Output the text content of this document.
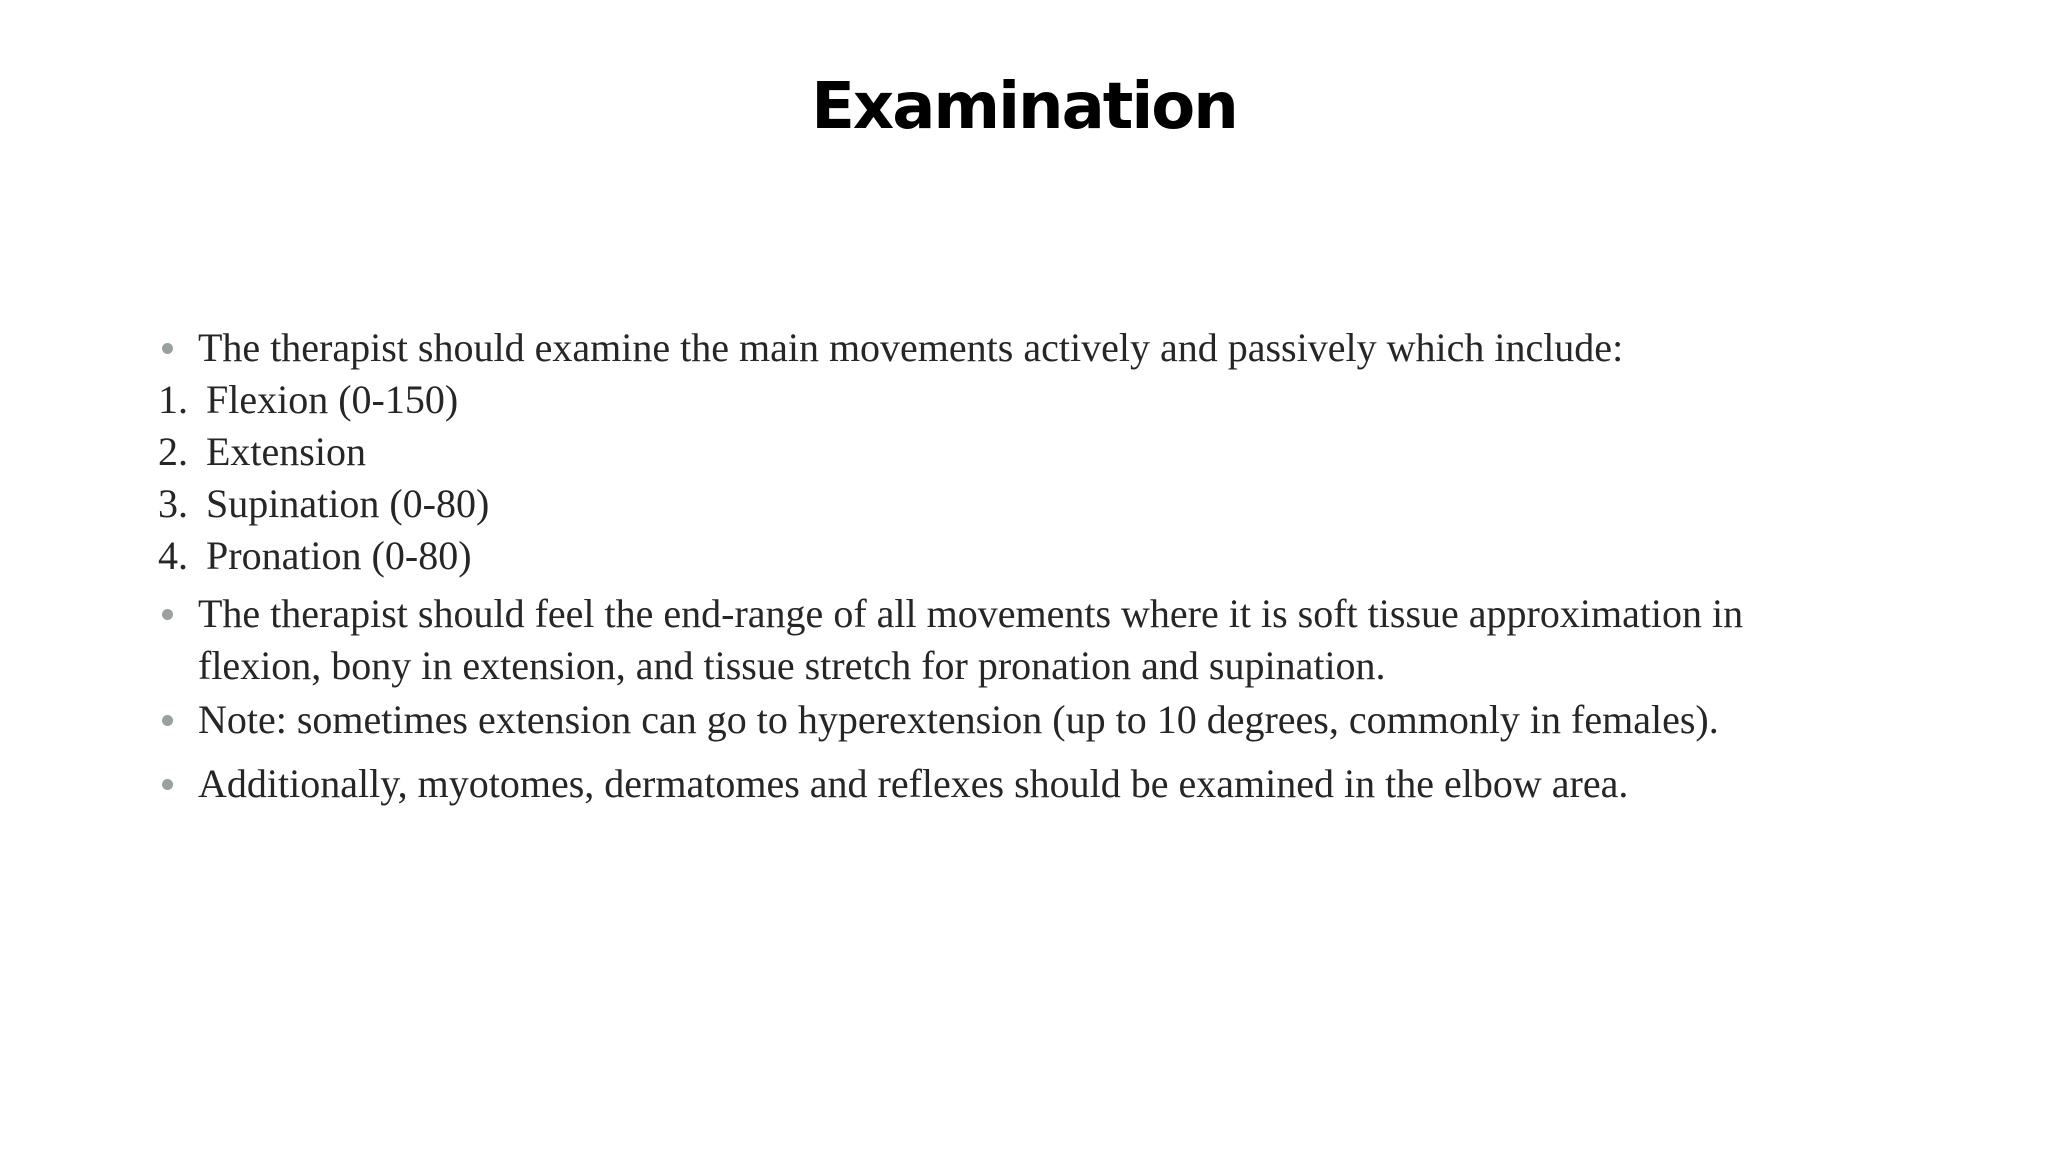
Examination
The therapist should examine the main movements actively and passively which include:
1. Flexion (0-150)
2. Extension
3. Supination (0-80)
4. Pronation (0-80)
The therapist should feel the end-range of all movements where it is soft tissue approximation in
flexion, bony in extension, and tissue stretch for pronation and supination.
Note: sometimes extension can go to hyperextension (up to 10 degrees, commonly in females).
Additionally, myotomes, dermatomes and reflexes should be examined in the elbow area.
